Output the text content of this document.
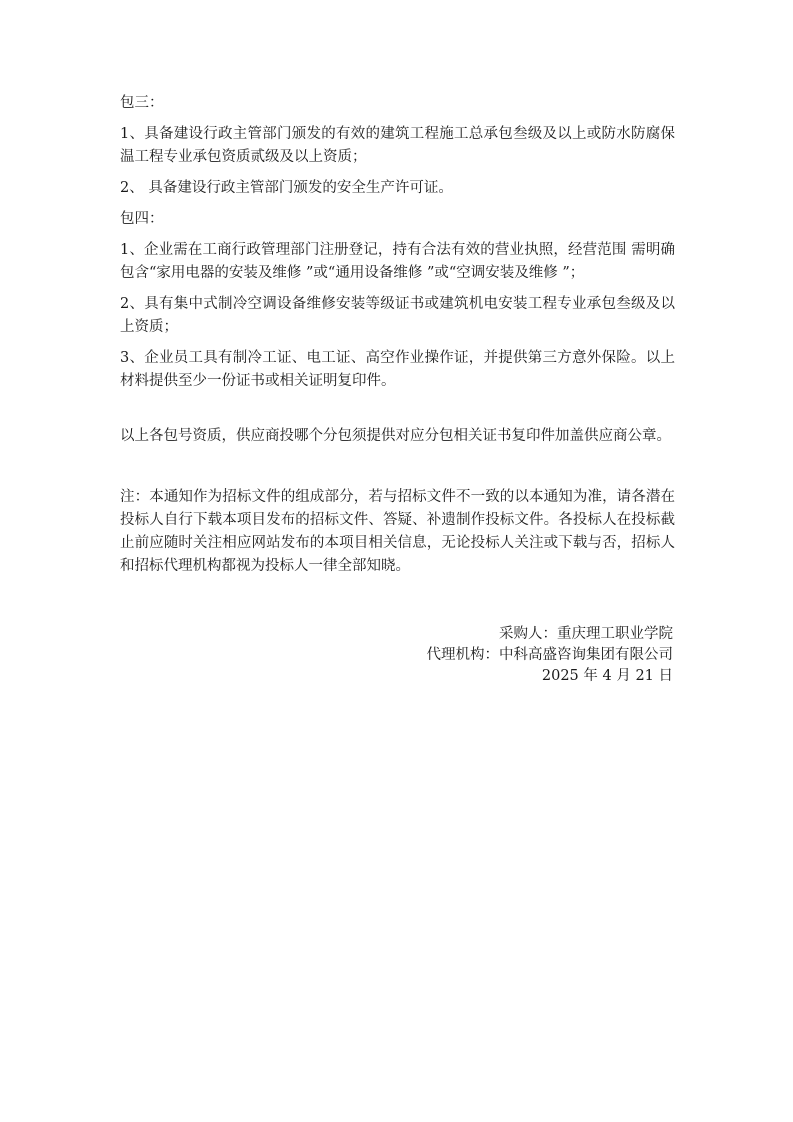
包三：

1、具备建设行政主管部门颁发的有效的建筑工程施工总承包叁级及以上或防水防腐保温工程专业承包资质贰级及以上资质；

2、 具备建设行政主管部门颁发的安全生产许可证。

包四：

1、企业需在工商行政管理部门注册登记，持有合法有效的营业执照，经营范围 需明确包含“家用电器的安装及维修 ”或“通用设备维修 ”或“空调安装及维修 ”；

2、具有集中式制冷空调设备维修安装等级证书或建筑机电安装工程专业承包叁级及以上资质；

3、企业员工具有制冷工证、电工证、高空作业操作证，并提供第三方意外保险。以上材料提供至少一份证书或相关证明复印件。

以上各包号资质，供应商投哪个分包须提供对应分包相关证书复印件加盖供应商公章。

注：本通知作为招标文件的组成部分，若与招标文件不一致的以本通知为准，请各潜在投标人自行下载本项目发布的招标文件、答疑、补遗制作投标文件。各投标人在投标截止前应随时关注相应网站发布的本项目相关信息，无论投标人关注或下载与否，招标人和招标代理机构都视为投标人一律全部知晓。

采购人：重庆理工职业学院
代理机构：中科高盛咨询集团有限公司
2025 年 4 月 21 日
